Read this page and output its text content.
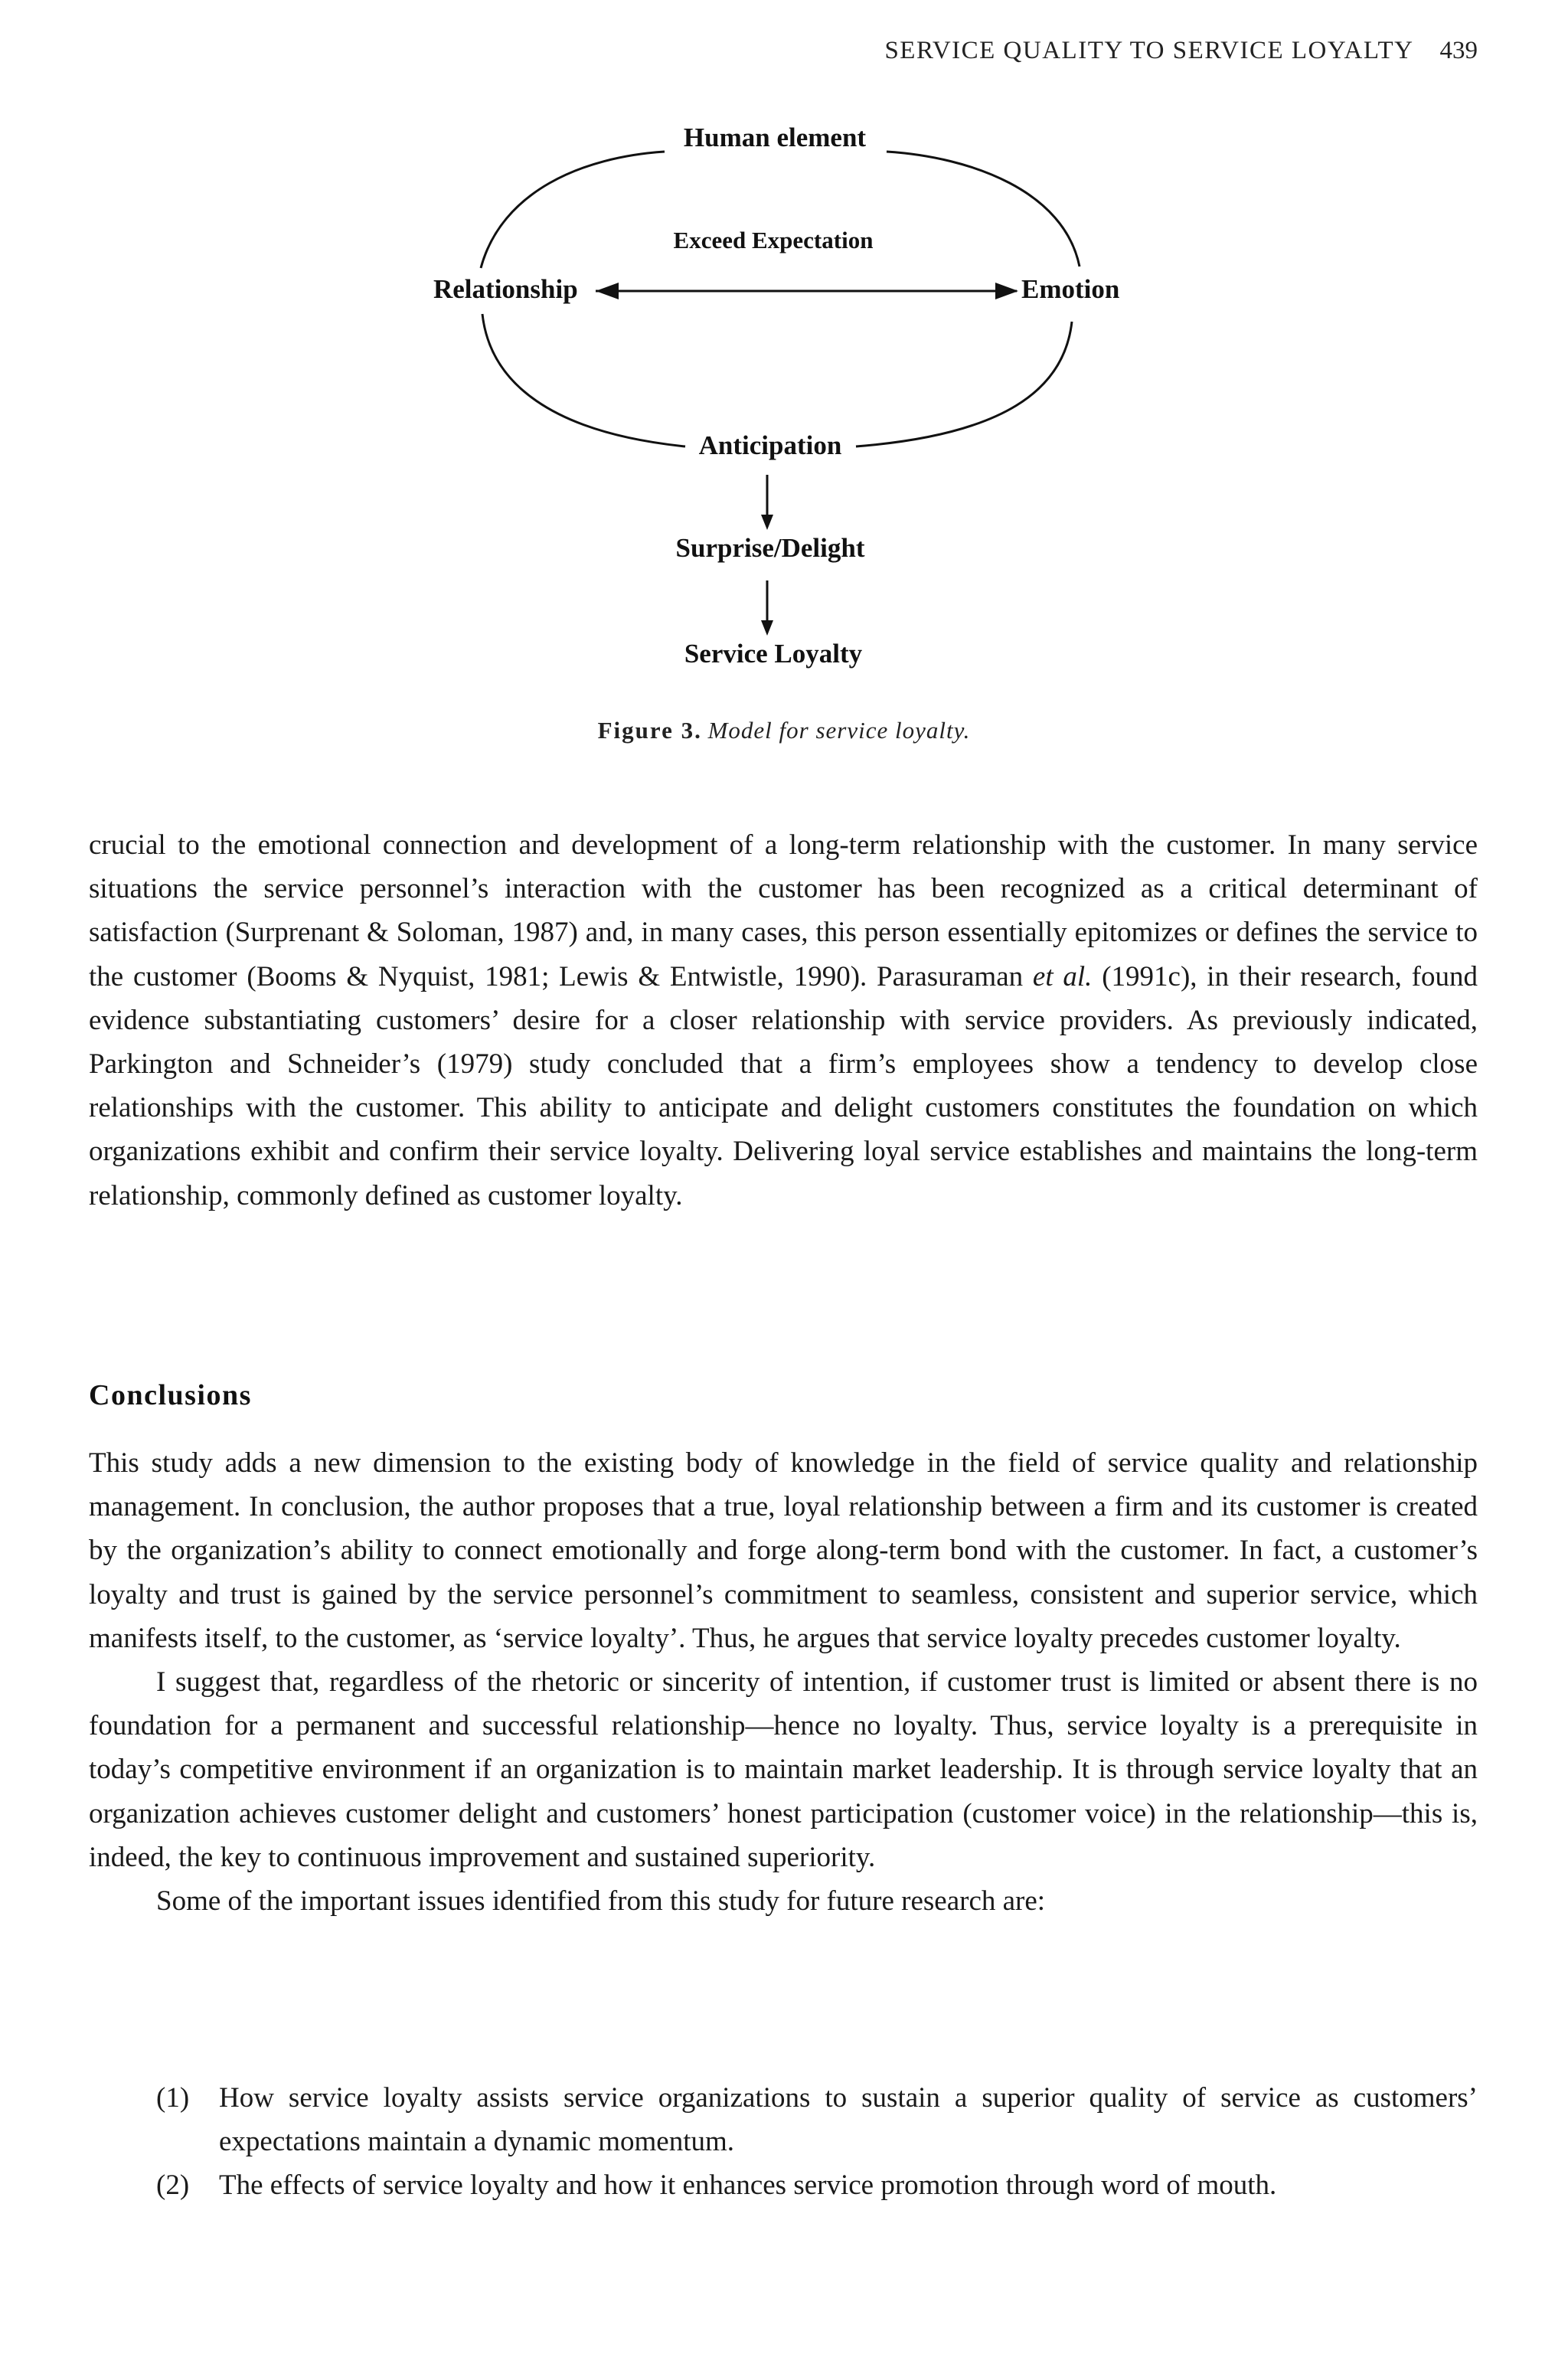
SERVICE QUALITY TO SERVICE LOYALTY 439
Human element
Exceed Expectation
Relationship	Emotion
Anticipation
Surprise/Delight
Service Loyalty
Figure 3. Model for service loyalty.

crucial to the emotional connection and development of a long-term relationship with the customer. In many service situations the service personnel’s interaction with the customer has been recognized as a critical determinant of satisfaction (Surprenant & Soloman, 1987) and, in many cases, this person essentially epitomizes or defines the service to the customer (Booms & Nyquist, 1981; Lewis & Entwistle, 1990). Parasuraman et al. (1991c), in their research, found evidence substantiating customers’ desire for a closer relationship with service providers. As previously indicated, Parkington and Schneider’s (1979) study concluded that a firm’s employees show a tendency to develop close relationships with the customer. This ability to anticipate and delight customers constitutes the foundation on which organizations exhibit and confirm their service loyalty. Delivering loyal service establishes and maintains the long-term relationship, commonly defined as customer loyalty.

Conclusions

This study adds a new dimension to the existing body of knowledge in the field of service quality and relationship management. In conclusion, the author proposes that a true, loyal relationship between a firm and its customer is created by the organization’s ability to connect emotionally and forge along-term bond with the customer. In fact, a customer’s loyalty and trust is gained by the service personnel’s commitment to seamless, consistent and superior service, which manifests itself, to the customer, as ‘service loyalty’. Thus, he argues that service loyalty precedes customer loyalty.

I suggest that, regardless of the rhetoric or sincerity of intention, if customer trust is limited or absent there is no foundation for a permanent and successful relationship—hence no loyalty. Thus, service loyalty is a prerequisite in today’s competitive environment if an organization is to maintain market leadership. It is through service loyalty that an organization achieves customer delight and customers’ honest participation (customer voice) in the relationship—this is, indeed, the key to continuous improvement and sustained superiority.

Some of the important issues identified from this study for future research are:

(1) How service loyalty assists service organizations to sustain a superior quality of service as customers’ expectations maintain a dynamic momentum.
(2) The effects of service loyalty and how it enhances service promotion through word of mouth.
